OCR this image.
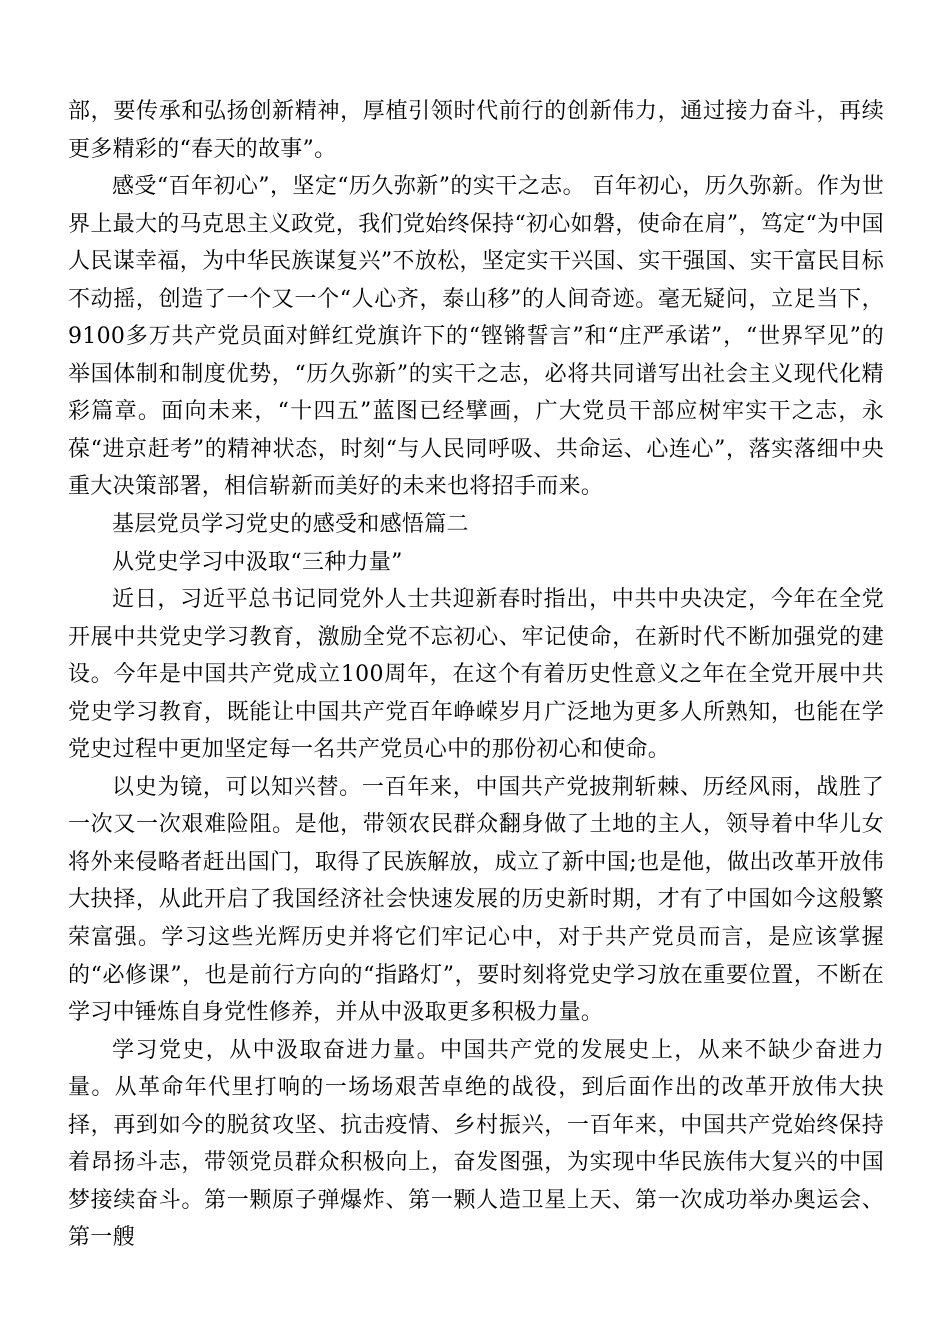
部，要传承和弘扬创新精神，厚植引领时代前行的创新伟力，通过接力奋斗，再续更多精彩的“春天的故事”。

感受“百年初心”，坚定“历久弥新”的实干之志。 百年初心，历久弥新。作为世界上最大的马克思主义政党，我们党始终保持“初心如磐，使命在肩”，笃定“为中国人民谋幸福，为中华民族谋复兴”不放松，坚定实干兴国、实干强国、实干富民目标不动摇，创造了一个又一个“人心齐，泰山移”的人间奇迹。毫无疑问，立足当下，9100多万共产党员面对鲜红党旗许下的“铿锵誓言”和“庄严承诺”，“世界罕见”的举国体制和制度优势，“历久弥新”的实干之志，必将共同谱写出社会主义现代化精彩篇章。面向未来，“十四五”蓝图已经擘画，广大党员干部应树牢实干之志，永葆“进京赶考”的精神状态，时刻“与人民同呼吸、共命运、心连心”，落实落细中央重大决策部署，相信崭新而美好的未来也将招手而来。

基层党员学习党史的感受和感悟篇二

从党史学习中汲取“三种力量”

近日，习近平总书记同党外人士共迎新春时指出，中共中央决定，今年在全党开展中共党史学习教育，激励全党不忘初心、牢记使命，在新时代不断加强党的建设。今年是中国共产党成立100周年，在这个有着历史性意义之年在全党开展中共党史学习教育，既能让中国共产党百年峥嵘岁月广泛地为更多人所熟知，也能在学党史过程中更加坚定每一名共产党员心中的那份初心和使命。

以史为镜，可以知兴替。一百年来，中国共产党披荆斩棘、历经风雨，战胜了一次又一次艰难险阻。是他，带领农民群众翻身做了土地的主人，领导着中华儿女将外来侵略者赶出国门，取得了民族解放，成立了新中国;也是他，做出改革开放伟大抉择，从此开启了我国经济社会快速发展的历史新时期，才有了中国如今这般繁荣富强。学习这些光辉历史并将它们牢记心中，对于共产党员而言，是应该掌握的“必修课”，也是前行方向的“指路灯”，要时刻将党史学习放在重要位置，不断在学习中锤炼自身党性修养，并从中汲取更多积极力量。

学习党史，从中汲取奋进力量。中国共产党的发展史上，从来不缺少奋进力量。从革命年代里打响的一场场艰苦卓绝的战役，到后面作出的改革开放伟大抉择，再到如今的脱贫攻坚、抗击疫情、乡村振兴，一百年来，中国共产党始终保持着昂扬斗志，带领党员群众积极向上，奋发图强，为实现中华民族伟大复兴的中国梦接续奋斗。第一颗原子弹爆炸、第一颗人造卫星上天、第一次成功举办奥运会、第一艘
